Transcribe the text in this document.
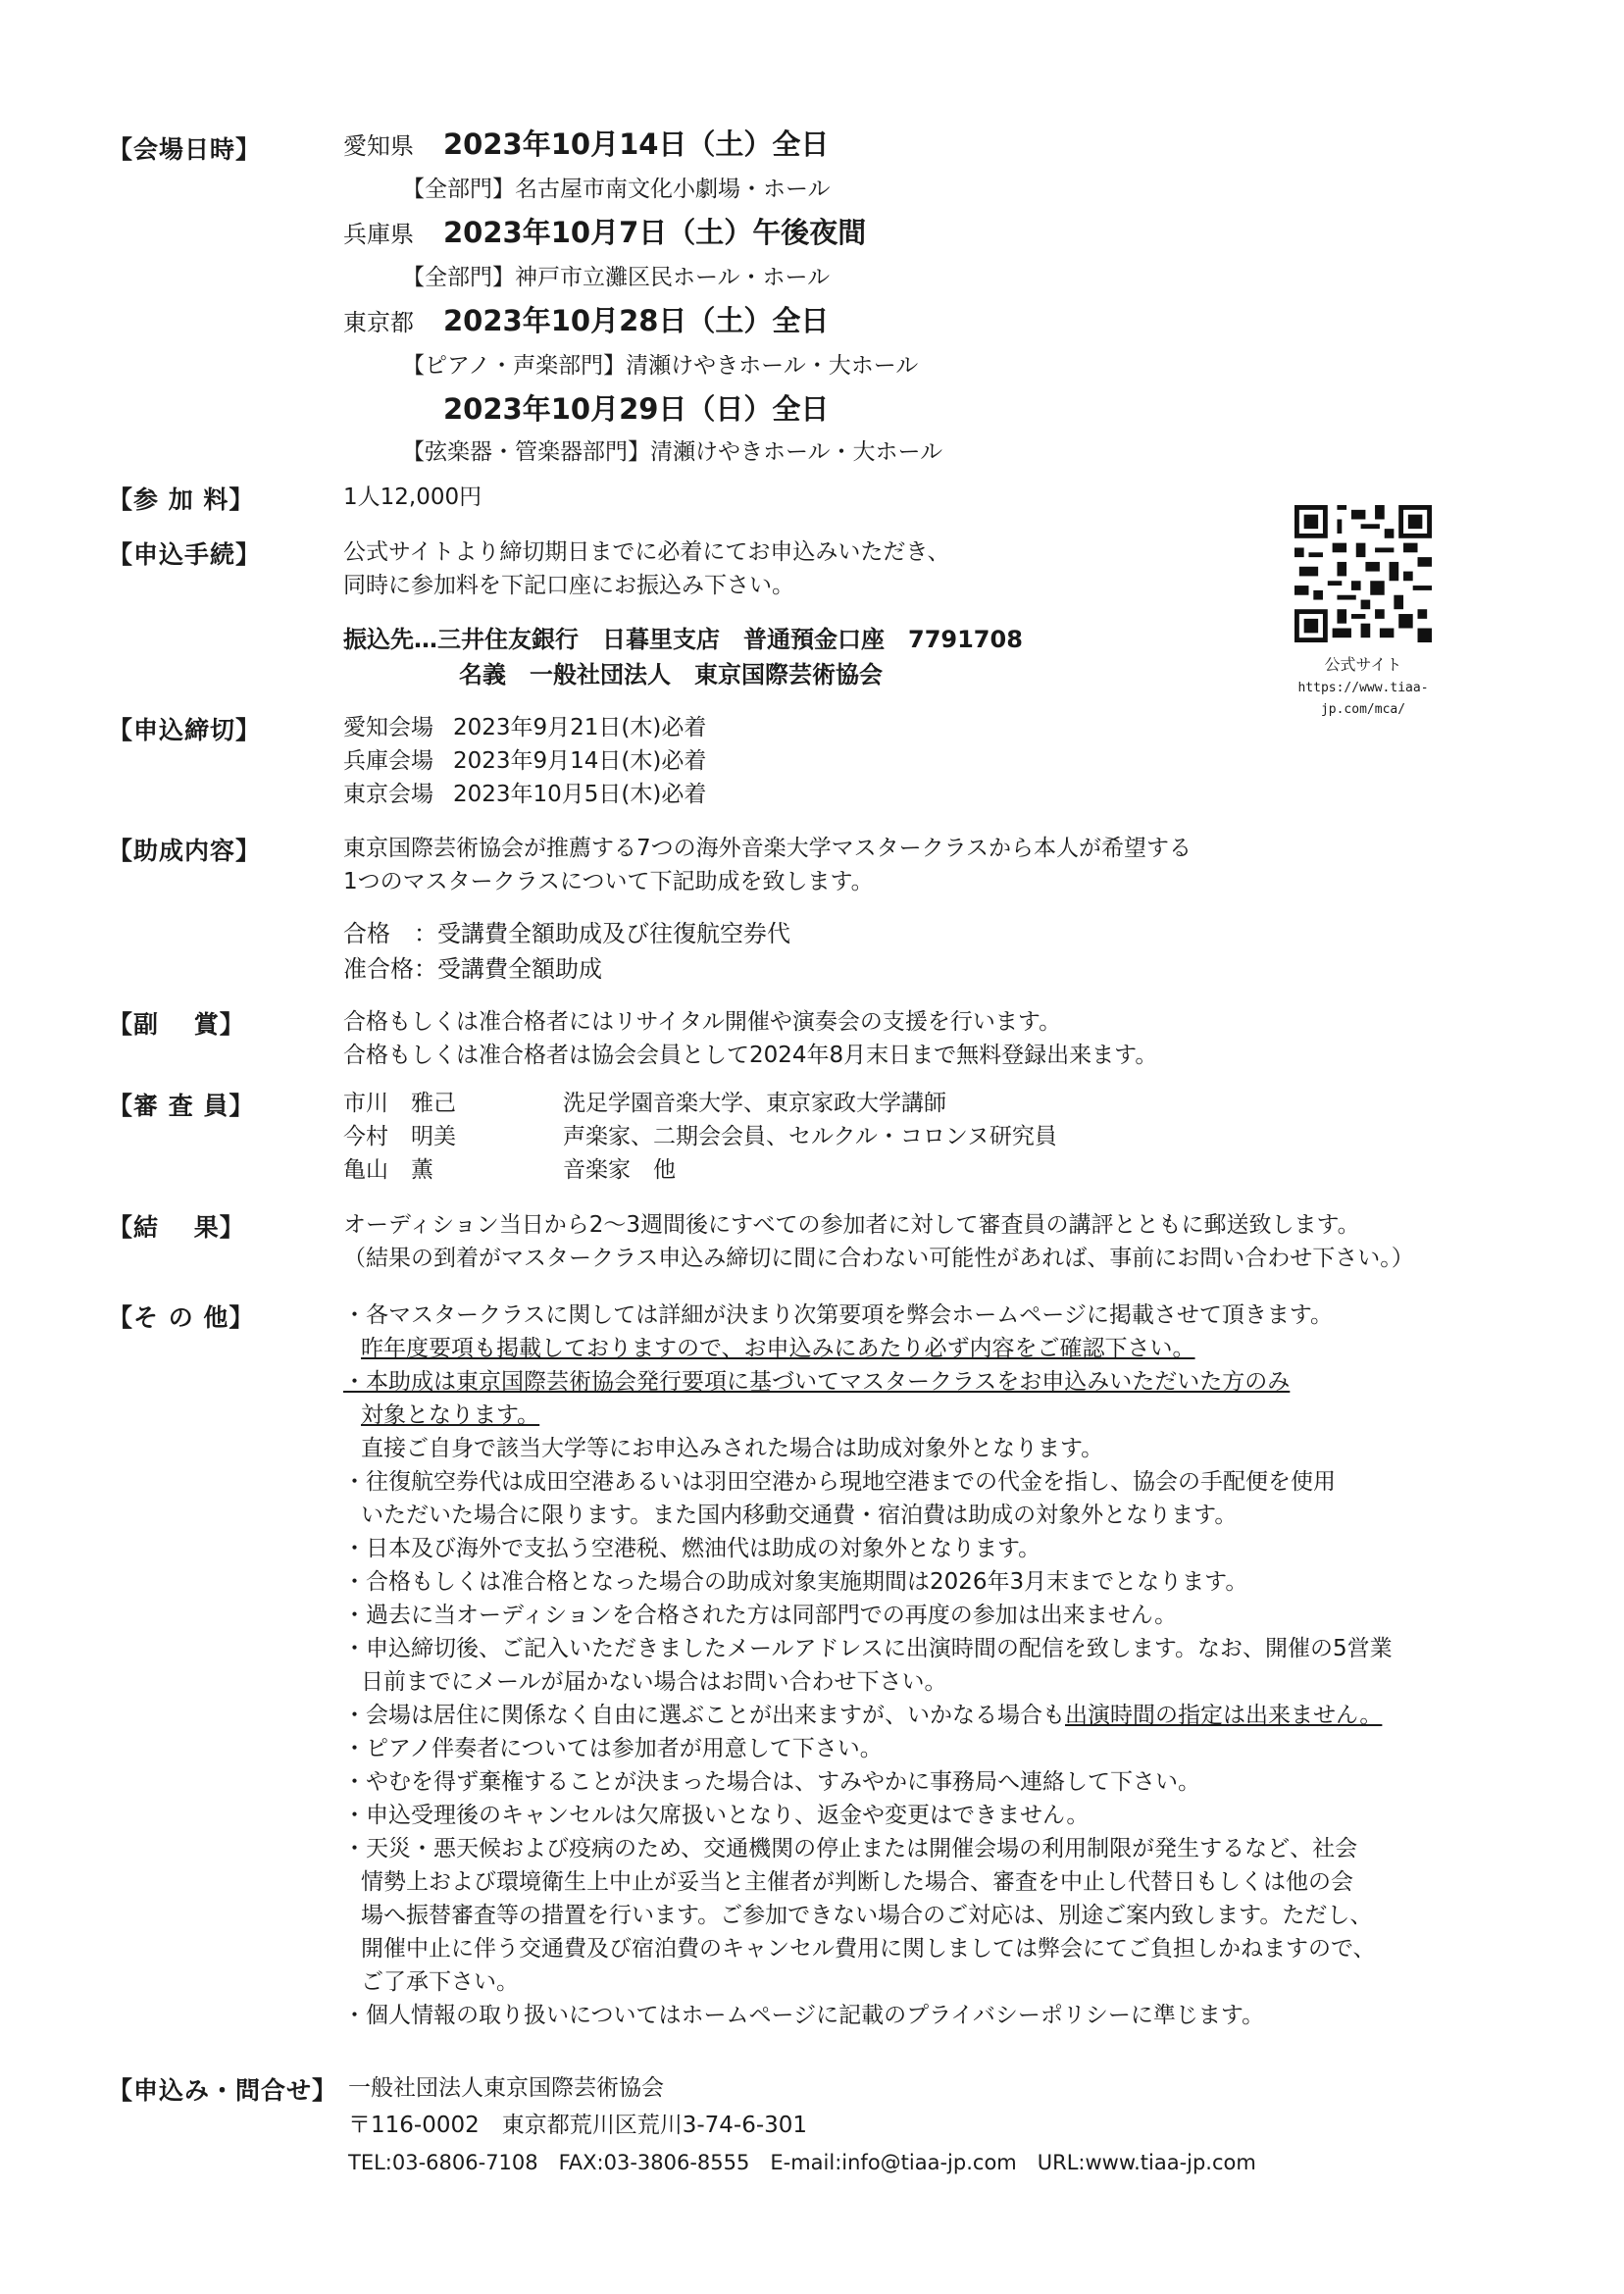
【会場日時】	愛知県 2023年10月14日（土）全日
【全部門】名古屋市南文化小劇場・ホール
兵庫県 2023年10月7日（土）午後夜間
【全部門】神戸市立灘区民ホール・ホール
東京都 2023年10月28日（土）全日
【ピアノ・声楽部門】清瀬けやきホール・大ホール
2023年10月29日（日）全日
【弦楽器・管楽器部門】清瀬けやきホール・大ホール
【参 加 料】	1人12,000円
【申込手続】	公式サイトより締切期日までに必着にてお申込みいただき、
同時に参加料を下記口座にお振込み下さい。
振込先…三井住友銀行　日暮里支店　普通預金口座　7791708
名義　一般社団法人　東京国際芸術協会	公式サイト
https://www.tiaa-jp.com/mca/
【申込締切】	愛知会場 2023年9月21日(木)必着
兵庫会場 2023年9月14日(木)必着
東京会場 2023年10月5日(木)必着
【助成内容】	東京国際芸術協会が推薦する7つの海外音楽大学マスタークラスから本人が希望する
1つのマスタークラスについて下記助成を致します。
合格　：受講費全額助成及び往復航空券代
准合格：受講費全額助成
【副　 賞】	合格もしくは准合格者にはリサイタル開催や演奏会の支援を行います。
合格もしくは准合格者は協会会員として2024年8月末日まで無料登録出来ます。
【審 査 員】	市川　雅己	洗足学園音楽大学、東京家政大学講師
今村　明美	声楽家、二期会会員、セルクル・コロンヌ研究員
亀山　薫	音楽家　他
【結　 果】	オーディション当日から2～3週間後にすべての参加者に対して審査員の講評とともに郵送致します。
（結果の到着がマスタークラス申込み締切に間に合わない可能性があれば、事前にお問い合わせ下さい。）
【そ の 他】	・各マスタークラスに関しては詳細が決まり次第要項を弊会ホームページに掲載させて頂きます。
昨年度要項も掲載しておりますので、お申込みにあたり必ず内容をご確認下さい。
・本助成は東京国際芸術協会発行要項に基づいてマスタークラスをお申込みいただいた方のみ
対象となります。
直接ご自身で該当大学等にお申込みされた場合は助成対象外となります。
・往復航空券代は成田空港あるいは羽田空港から現地空港までの代金を指し、協会の手配便を使用
いただいた場合に限ります。また国内移動交通費・宿泊費は助成の対象外となります。
・日本及び海外で支払う空港税、燃油代は助成の対象外となります。
・合格もしくは准合格となった場合の助成対象実施期間は2026年3月末までとなります。
・過去に当オーディションを合格された方は同部門での再度の参加は出来ません。
・申込締切後、ご記入いただきましたメールアドレスに出演時間の配信を致します。なお、開催の5営業
日前までにメールが届かない場合はお問い合わせ下さい。
・会場は居住に関係なく自由に選ぶことが出来ますが、いかなる場合も出演時間の指定は出来ません。
・ピアノ伴奏者については参加者が用意して下さい。
・やむを得ず棄権することが決まった場合は、すみやかに事務局へ連絡して下さい。
・申込受理後のキャンセルは欠席扱いとなり、返金や変更はできません。
・天災・悪天候および疫病のため、交通機関の停止または開催会場の利用制限が発生するなど、社会
情勢上および環境衛生上中止が妥当と主催者が判断した場合、審査を中止し代替日もしくは他の会
場へ振替審査等の措置を行います。ご参加できない場合のご対応は、別途ご案内致します。ただし、
開催中止に伴う交通費及び宿泊費のキャンセル費用に関しましては弊会にてご負担しかねますので、
ご了承下さい。
・個人情報の取り扱いについてはホームページに記載のプライバシーポリシーに準じます。
【申込み・問合せ】 一般社団法人東京国際芸術協会
〒116-0002　東京都荒川区荒川3-74-6-301
TEL:03-6806-7108　FAX:03-3806-8555　E-mail:info@tiaa-jp.com　URL:www.tiaa-jp.com
